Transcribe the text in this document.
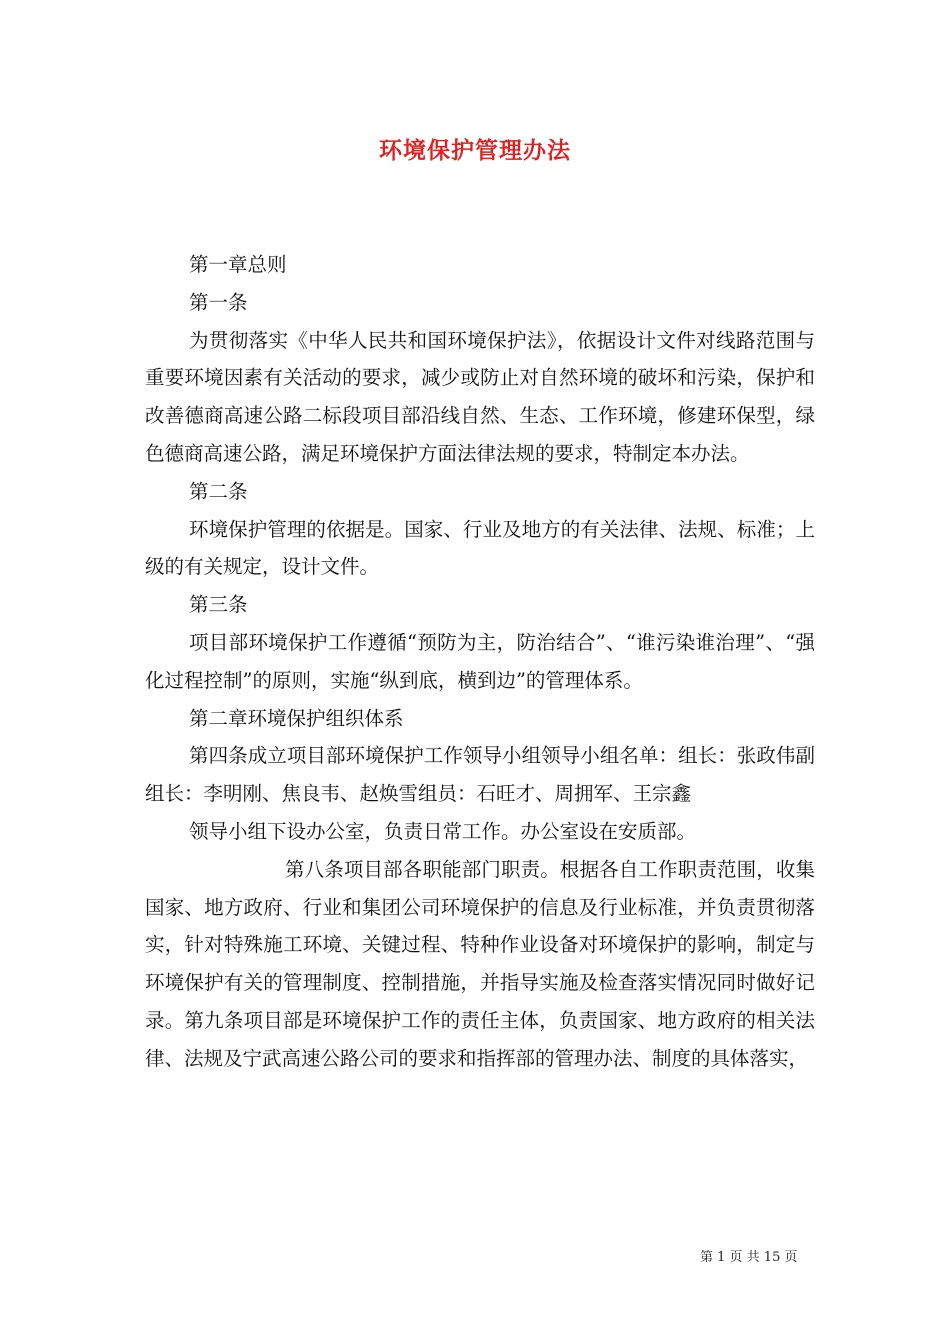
环境保护管理办法

第一章总则

第一条

为贯彻落实《中华人民共和国环境保护法》，依据设计文件对线路范围与重要环境因素有关活动的要求，减少或防止对自然环境的破坏和污染，保护和改善德商高速公路二标段项目部沿线自然、生态、工作环境，修建环保型，绿色德商高速公路，满足环境保护方面法律法规的要求，特制定本办法。

第二条

环境保护管理的依据是。国家、行业及地方的有关法律、法规、标准；上级的有关规定，设计文件。

第三条

项目部环境保护工作遵循“预防为主，防治结合”、“谁污染谁治理”、“强化过程控制”的原则，实施“纵到底，横到边”的管理体系。

第二章环境保护组织体系

第四条成立项目部环境保护工作领导小组领导小组名单：组长：张政伟副组长：李明刚、焦良韦、赵焕雪组员：石旺才、周拥军、王宗鑫

领导小组下设办公室，负责日常工作。办公室设在安质部。

第八条项目部各职能部门职责。根据各自工作职责范围，收集国家、地方政府、行业和集团公司环境保护的信息及行业标准，并负责贯彻落实，针对特殊施工环境、关键过程、特种作业设备对环境保护的影响，制定与环境保护有关的管理制度、控制措施，并指导实施及检查落实情况同时做好记录。第九条项目部是环境保护工作的责任主体，负责国家、地方政府的相关法律、法规及宁武高速公路公司的要求和指挥部的管理办法、制度的具体落实，

第 1 页 共 15 页
